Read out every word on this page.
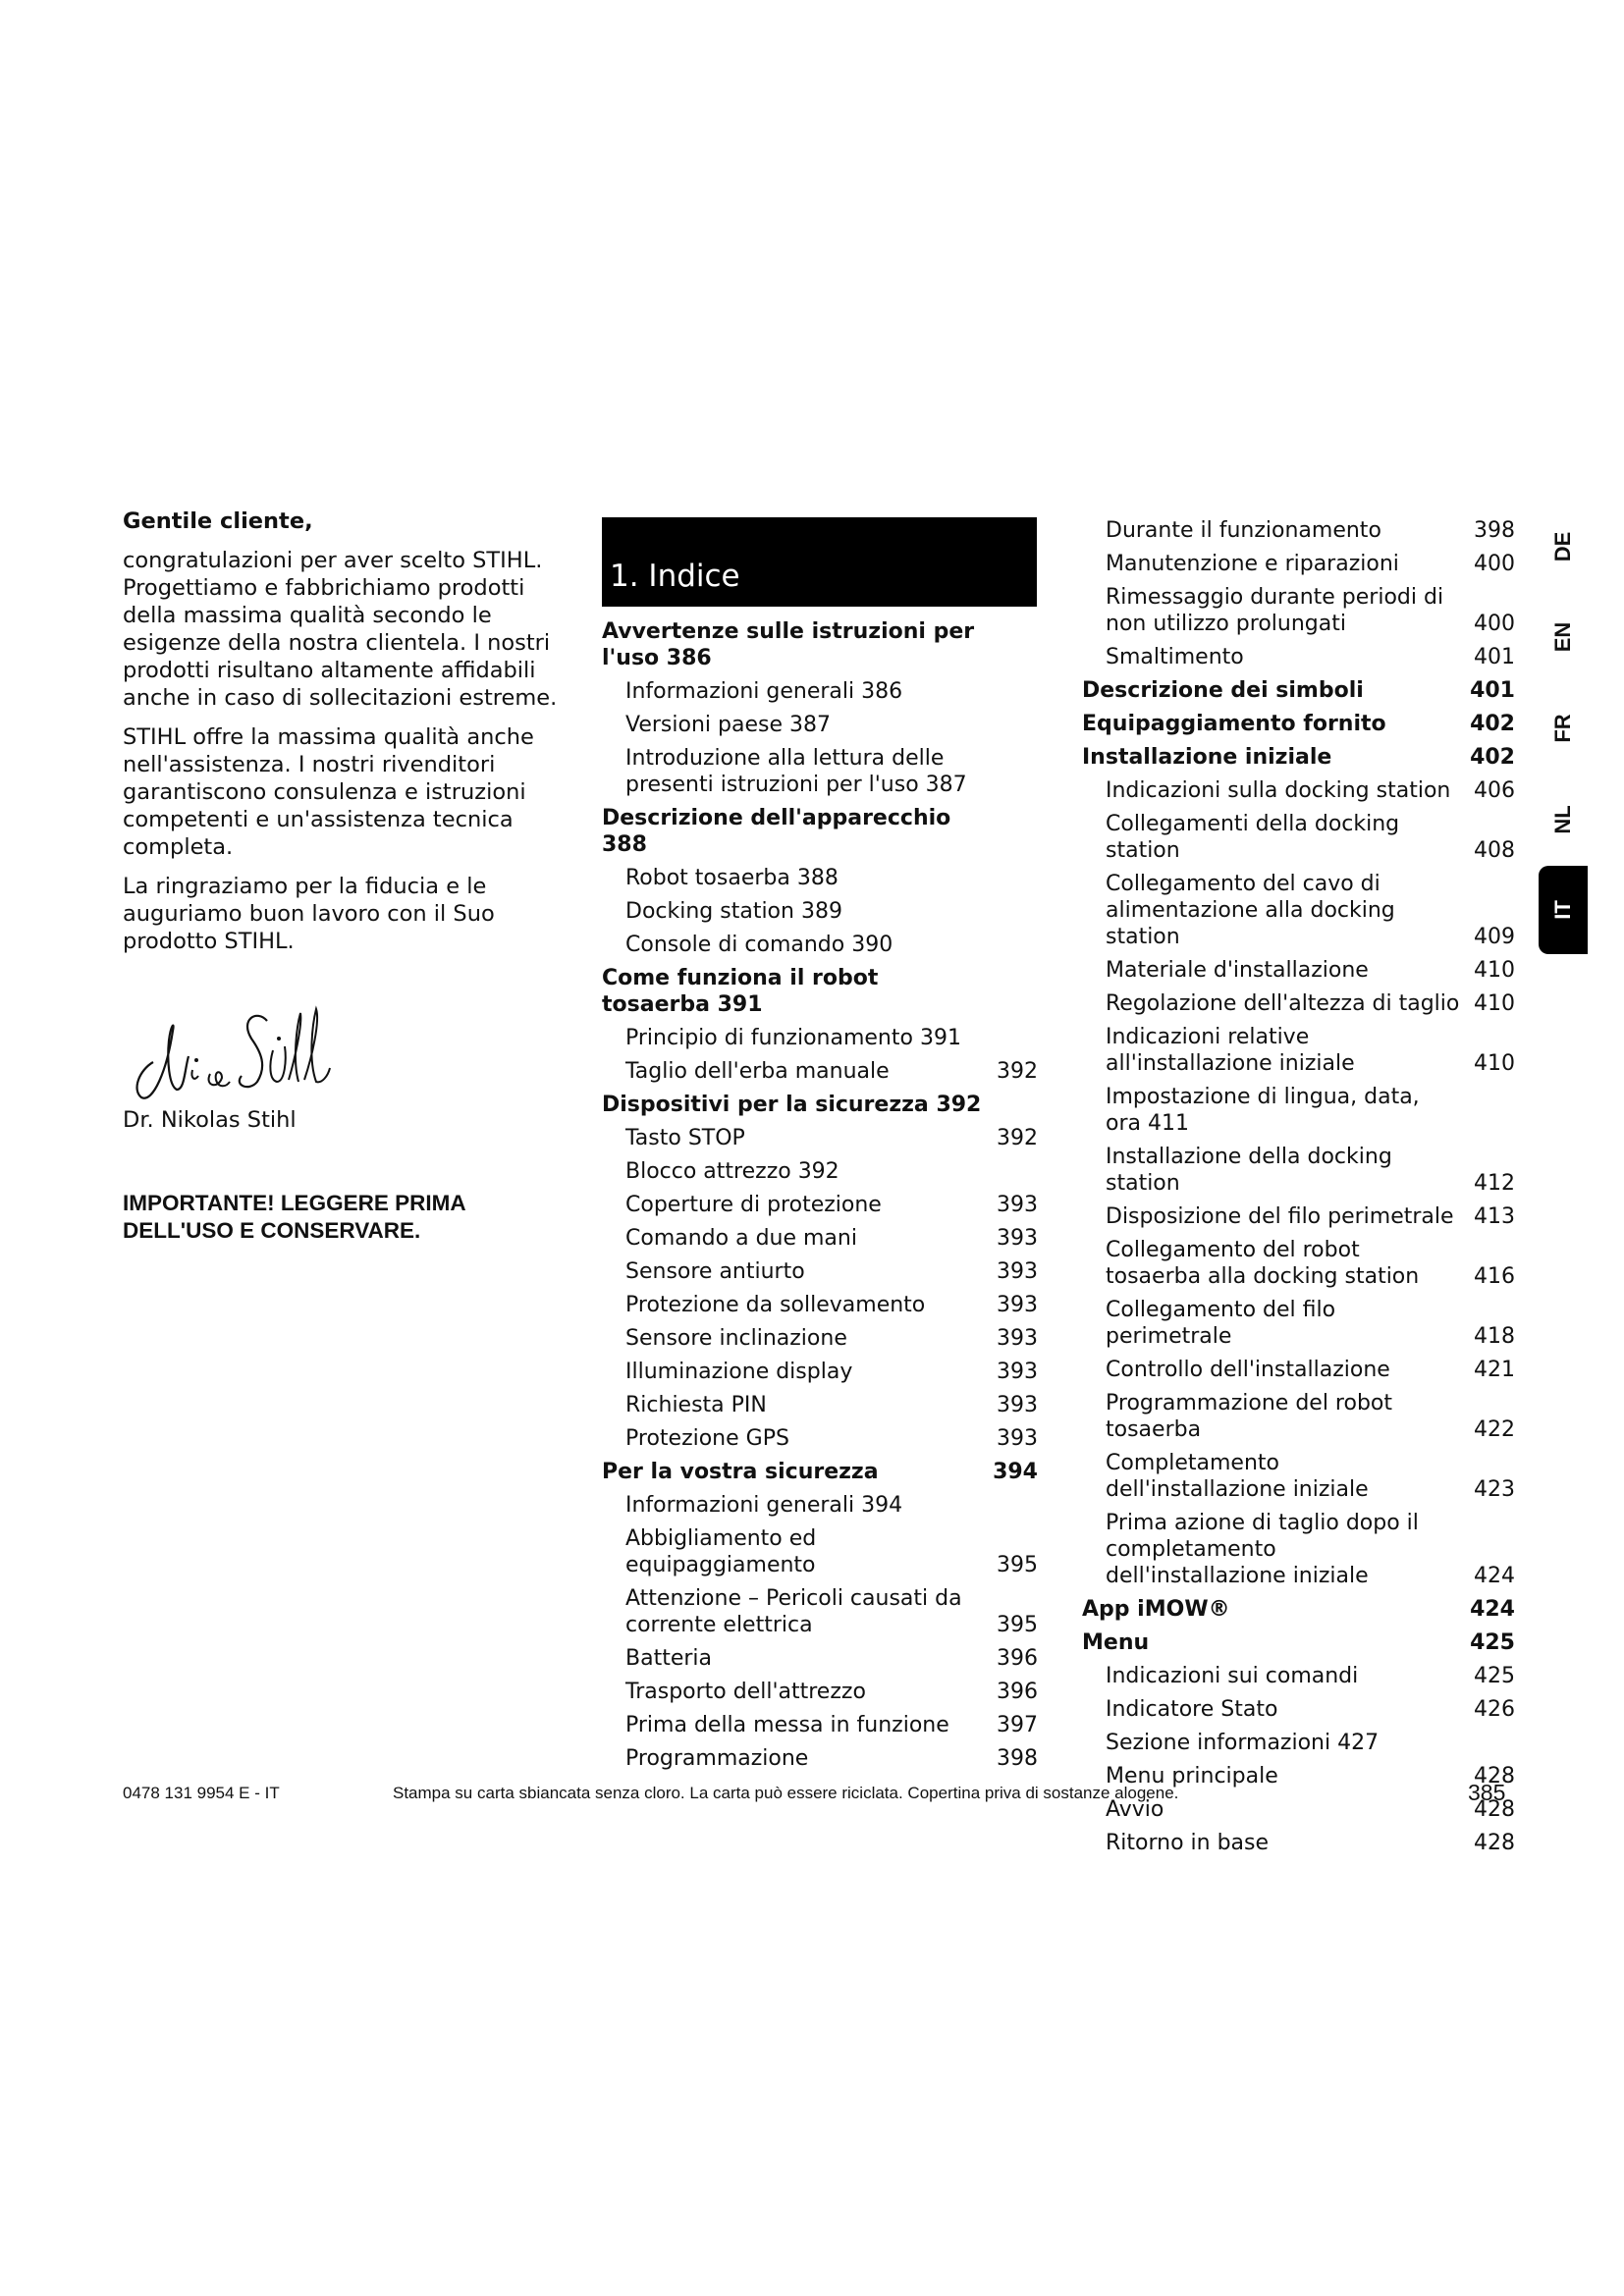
Gentile cliente,

congratulazioni per aver scelto STIHL. Progettiamo e fabbrichiamo prodotti della massima qualità secondo le esigenze della nostra clientela. I nostri prodotti risultano altamente affidabili anche in caso di sollecitazioni estreme.

STIHL offre la massima qualità anche nell'assistenza. I nostri rivenditori garantiscono consulenza e istruzioni competenti e un'assistenza tecnica completa.

La ringraziamo per la fiducia e le auguriamo buon lavoro con il Suo prodotto STIHL.

Dr. Nikolas Stihl
IMPORTANTE! LEGGERE PRIMA DELL'USO E CONSERVARE.
1. Indice
Avvertenze sulle istruzioni per l'uso 386
Informazioni generali 386
Versioni paese 387
Introduzione alla lettura delle presenti istruzioni per l'uso 387
Descrizione dell'apparecchio 388
Robot tosaerba 388
Docking station 389
Console di comando 390
Come funziona il robot tosaerba 391
Principio di funzionamento 391
Taglio dell'erba manuale	392
Dispositivi per la sicurezza 392
Tasto STOP	392
Blocco attrezzo 392
Coperture di protezione	393
Comando a due mani	393
Sensore antiurto	393
Protezione da sollevamento	393
Sensore inclinazione	393
Illuminazione display	393
Richiesta PIN	393
Protezione GPS	393
Per la vostra sicurezza	394
Informazioni generali 394
Abbigliamento ed equipaggiamento	395
Attenzione – Pericoli causati da corrente elettrica	395
Batteria	396
Trasporto dell'attrezzo	396
Prima della messa in funzione	397
Programmazione	398
Durante il funzionamento	398
Manutenzione e riparazioni	400
Rimessaggio durante periodi di non utilizzo prolungati	400
Smaltimento	401
Descrizione dei simboli	401
Equipaggiamento fornito	402
Installazione iniziale	402
Indicazioni sulla docking station	406
Collegamenti della docking station	408
Collegamento del cavo di alimentazione alla docking station	409
Materiale d'installazione	410
Regolazione dell'altezza di taglio 410
Indicazioni relative all'installazione iniziale	410
Impostazione di lingua, data, ora 411
Installazione della docking station	412
Disposizione del filo perimetrale 413
Collegamento del robot tosaerba alla docking station	416
Collegamento del filo perimetrale	418
Controllo dell'installazione	421
Programmazione del robot tosaerba	422
Completamento dell'installazione iniziale	423
Prima azione di taglio dopo il completamento dell'installazione iniziale	424
App iMOW®	424
Menu	425
Indicazioni sui comandi	425
Indicatore Stato	426
Sezione informazioni 427
Menu principale	428
Avvio	428
Ritorno in base	428
DE
EN
FR
NL
IT
0478 131 9954 E - IT	Stampa su carta sbiancata senza cloro. La carta può essere riciclata. Copertina priva di sostanze alogene.	385
